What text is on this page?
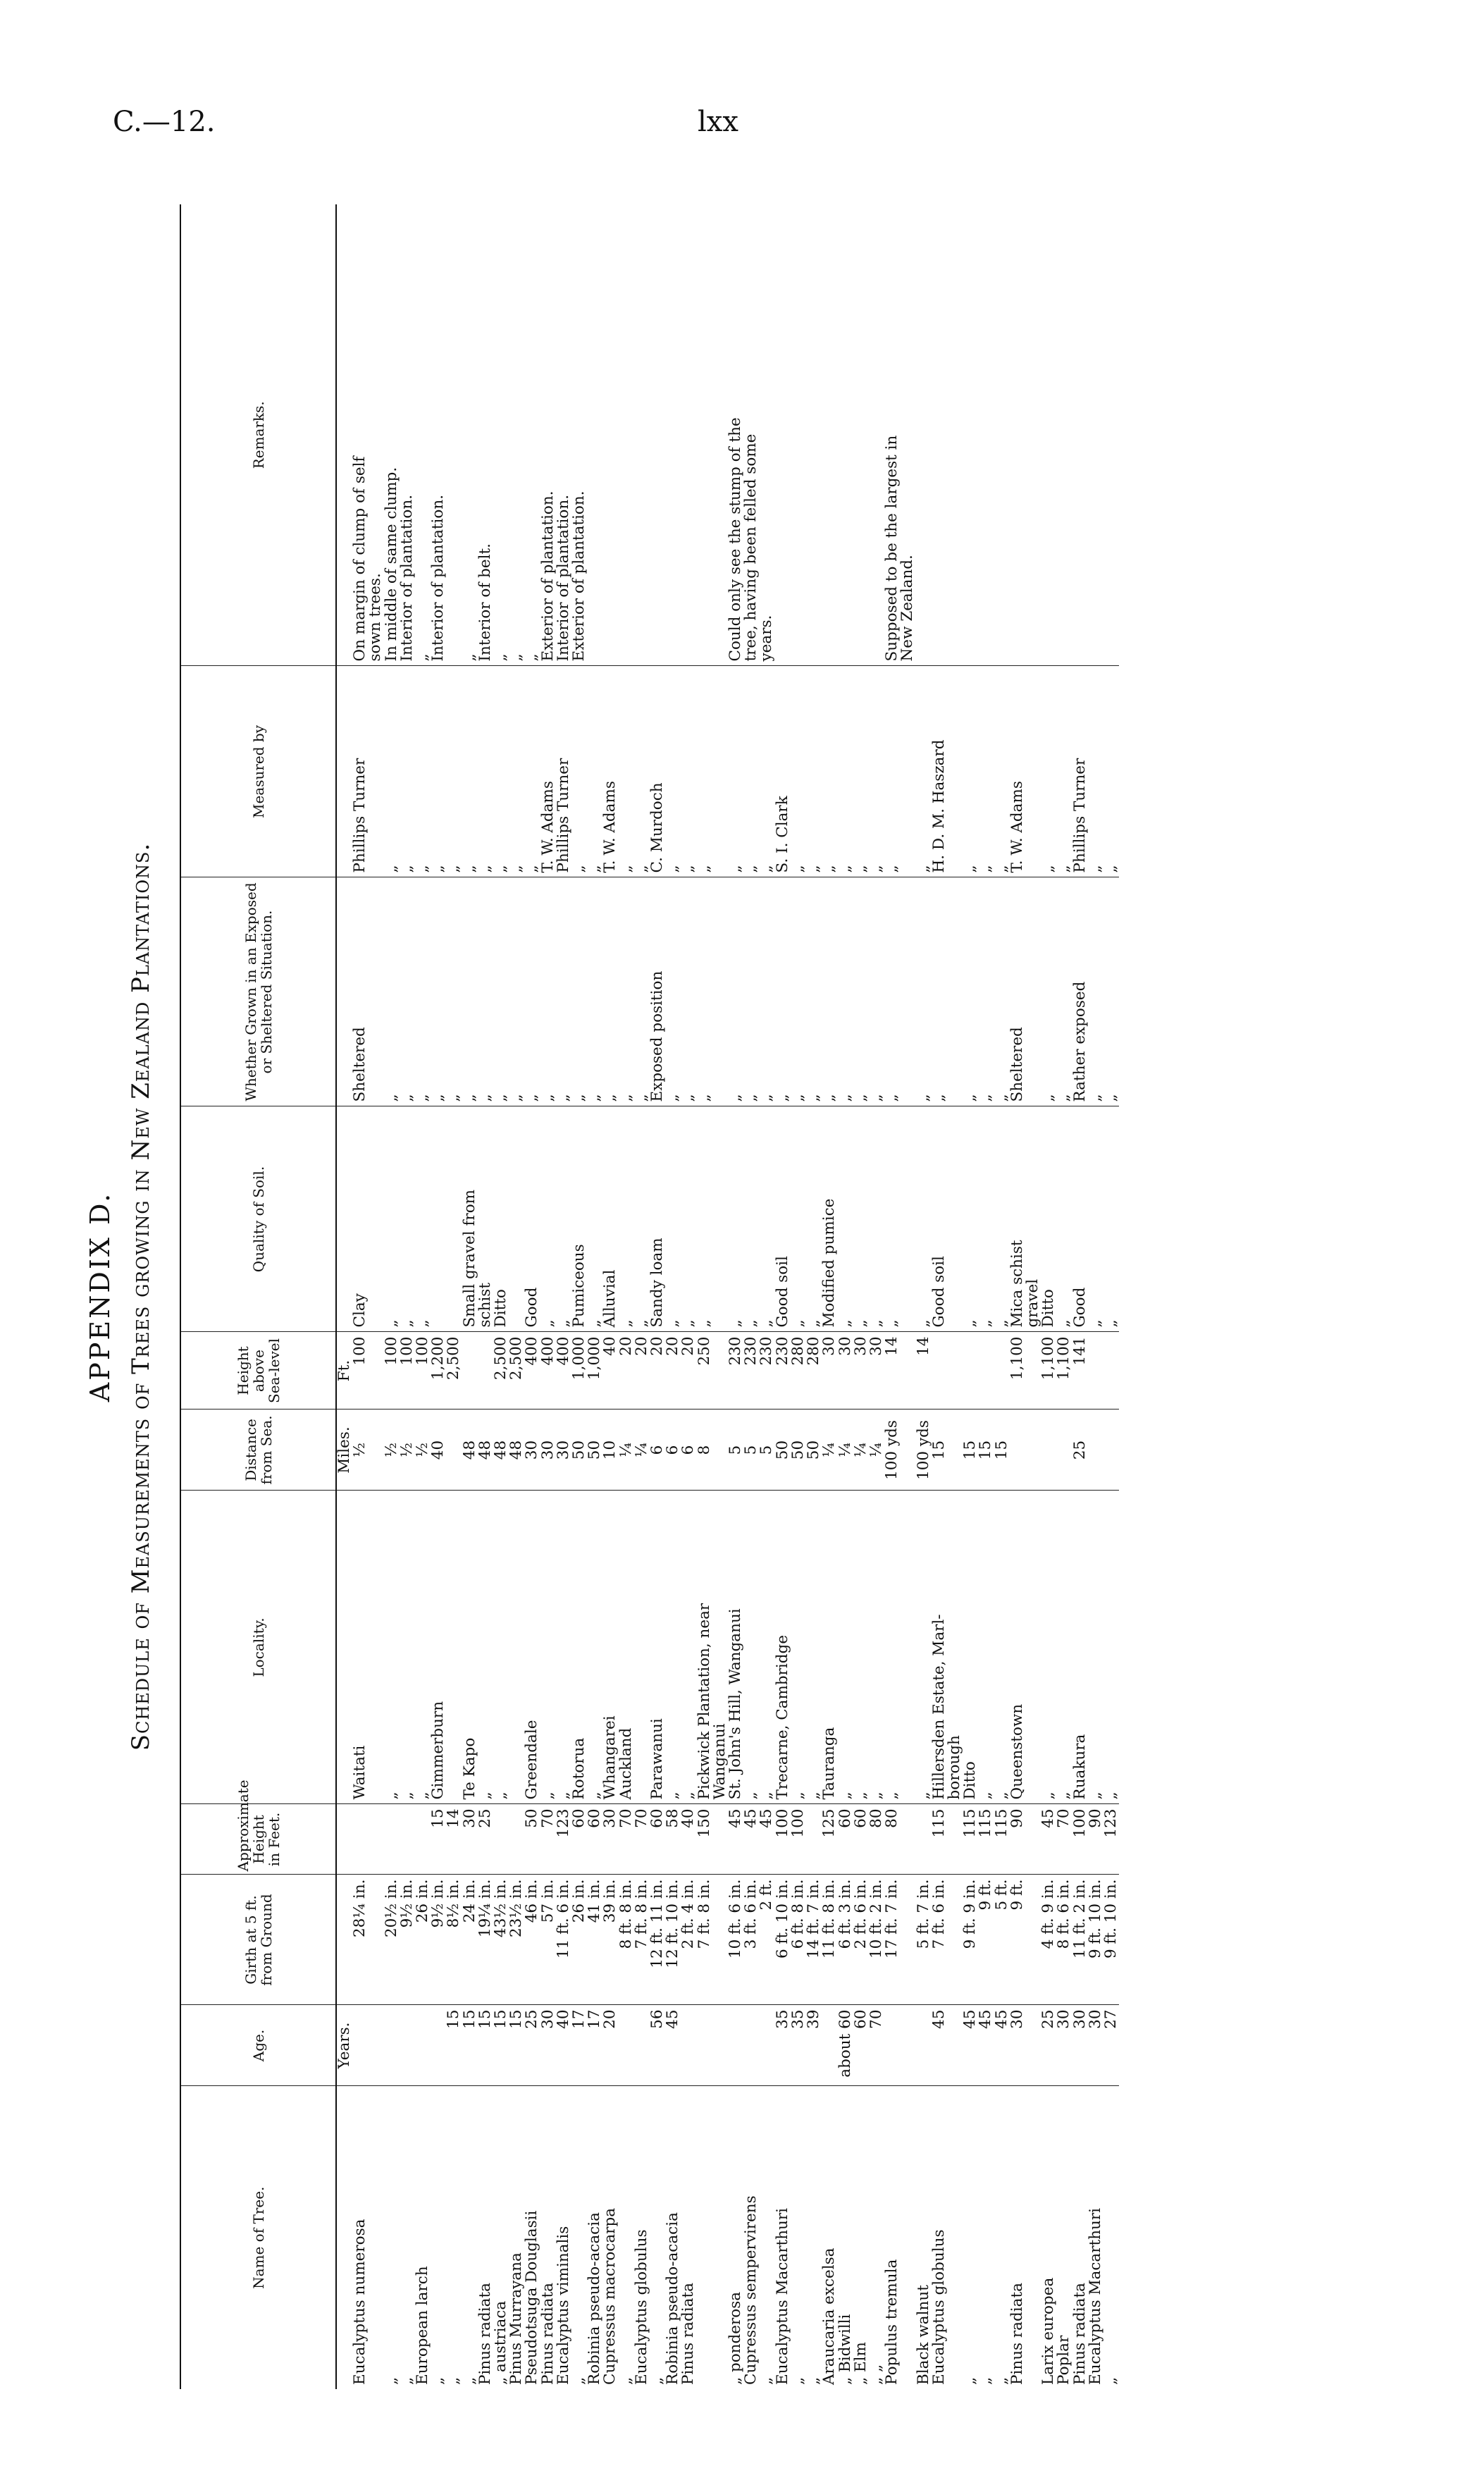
C.—12.	lxx
APPENDIX D. Schedule of Measurements of Trees growing in New Zealand Plantations.
Name of Tree.	Age.	Girth at 5 ft. from Ground	Approximate Height in Feet.	Locality.	Distance from Sea.	Height above Sea-level	Quality of Soil.	Whether Grown in an Exposed or Sheltered Situation.	Measured by	Remarks.
	Years.				Miles.	Ft.				
Eucalyptus numerosa		28¼ in.		Waitati	½	100	Clay	Sheltered	Phillips Turner	On margin of clump of self
										sown trees.
„		20½ in.		„	½	100	„	„	„	In middle of same clump.
„		9½ in.		„	½	100	„	„	„	Interior of plantation.
European larch		26 in.		„	½	100	„	„	„	„
„		9½ in.	15	Gimmerburn	40	1,200		„	„	Interior of plantation.
„	15	8½ in.	14			2,500		„	„	
„	15	24 in.	30	Te Kapo	48		Small gravel from	„	„	„
Pinus radiata	15	19¼ in.	25	„	48		schist	„	„	Interior of belt.
„ austriaca	15	43½ in.		„	48	2,500	Ditto	„	„	„
Pinus Murrayana	15	23½ in.			48	2,500		„	„	„
Pseudotsuga Douglasii	25	46 in.	50	Greendale	30	400	Good	„	„	„
Pinus radiata	30	57 in.	70	„	30	400	„	„	T. W. Adams	Exterior of plantation.
Eucalyptus viminalis	40	11 ft. 6 in.	123	„	30	400	„	„	Phillips Turner	Interior of plantation.
„	17	26 in.	60	Rotorua	50	1,000	Pumiceous	„	„	Exterior of plantation.
Robinia pseudo-acacia	17	41 in.	60	„	50	1,000	„	„	„	
Cupressus macrocarpa	20	39 in.	30	Whangarei	10	40	Alluvial	„	T. W. Adams	
„		8 ft. 8 in.	70	Auckland	¼	20	„	„	„	
Eucalyptus globulus		7 ft. 8 in.	70		¼	20	„	„	„	
„	56	12 ft. 11 in.	60	Parawanui	6	20	Sandy loam	Exposed position	C. Murdoch	
Robinia pseudo-acacia	45	12 ft. 10 in.	58	„	6	20	„	„	„	
Pinus radiata		2 ft. 4 in.	40	„	6	20	„	„	„	
		7 ft. 8 in.	150	Pickwick Plantation, near	8	250	„	„	„	
				Wanganui						
„ ponderosa		10 ft. 6 in.	45	St. John's Hill, Wanganui	5	230	„	„	„	Could only see the stump of the
Cupressus sempervirens		3 ft. 6 in.	45	„	5	230	„	„	„	tree, having been felled some
„		2 ft.	45	„	5	230	„	„	„	years.
Eucalyptus Macarthuri	35	6 ft. 10 in.	100	Trecarne, Cambridge	50	230	Good soil	„	S. I. Clark	
„	35	6 ft. 8 in.	100	„	50	280	„	„	„	
„	39	14 ft. 7 in.		„	50	280	„	„	„	
Araucaria excelsa		11 ft. 8 in.	125	Tauranga	¼	30	Modified pumice	„	„	
„ Bidwilli	about 60	6 ft. 3 in.	60	„	¼	30	„	„	„	
„ Elm	60	2 ft. 6 in.	60	„	¼	30	„	„	„	
„ „	70	10 ft. 2 in.	80	„	¼	30	„	„	„	
Populus tremula		17 ft. 7 in.	80	„	100 yds	14	„	„	„	Supposed to be the largest in
										New Zealand.
Black walnut		5 ft. 7 in.		„	100 yds	14	„	„	„	
Eucalyptus globulus	45	7 ft. 6 in.	115	Hillersden Estate, Marl-	15		Good soil	„	H. D. M. Haszard	
				borough						
„	45	9 ft. 9 in.	115	Ditto	15		„	„	„	
„	45	9 ft.	115	„	15		„	„	„	
„	45	5 ft.	115	„	15		„	„	„	
Pinus radiata	30	9 ft.	90	Queenstown		1,100	Mica schist	Sheltered	T. W. Adams	
							gravel			
Larix europea	25	4 ft. 9 in.	45	„		1,100	Ditto	„	„	
Poplar	30	8 ft. 6 in.	70	„		1,100	„	„	„	
Pinus radiata	30	11 ft. 2 in.	100	Ruakura	25	141	Good	Rather exposed	Phillips Turner	
Eucalyptus Macarthuri	30	9 ft. 10 in.	90	„			„	„	„	
„	27	9 ft. 10 in.	123	„			„	„	„	
